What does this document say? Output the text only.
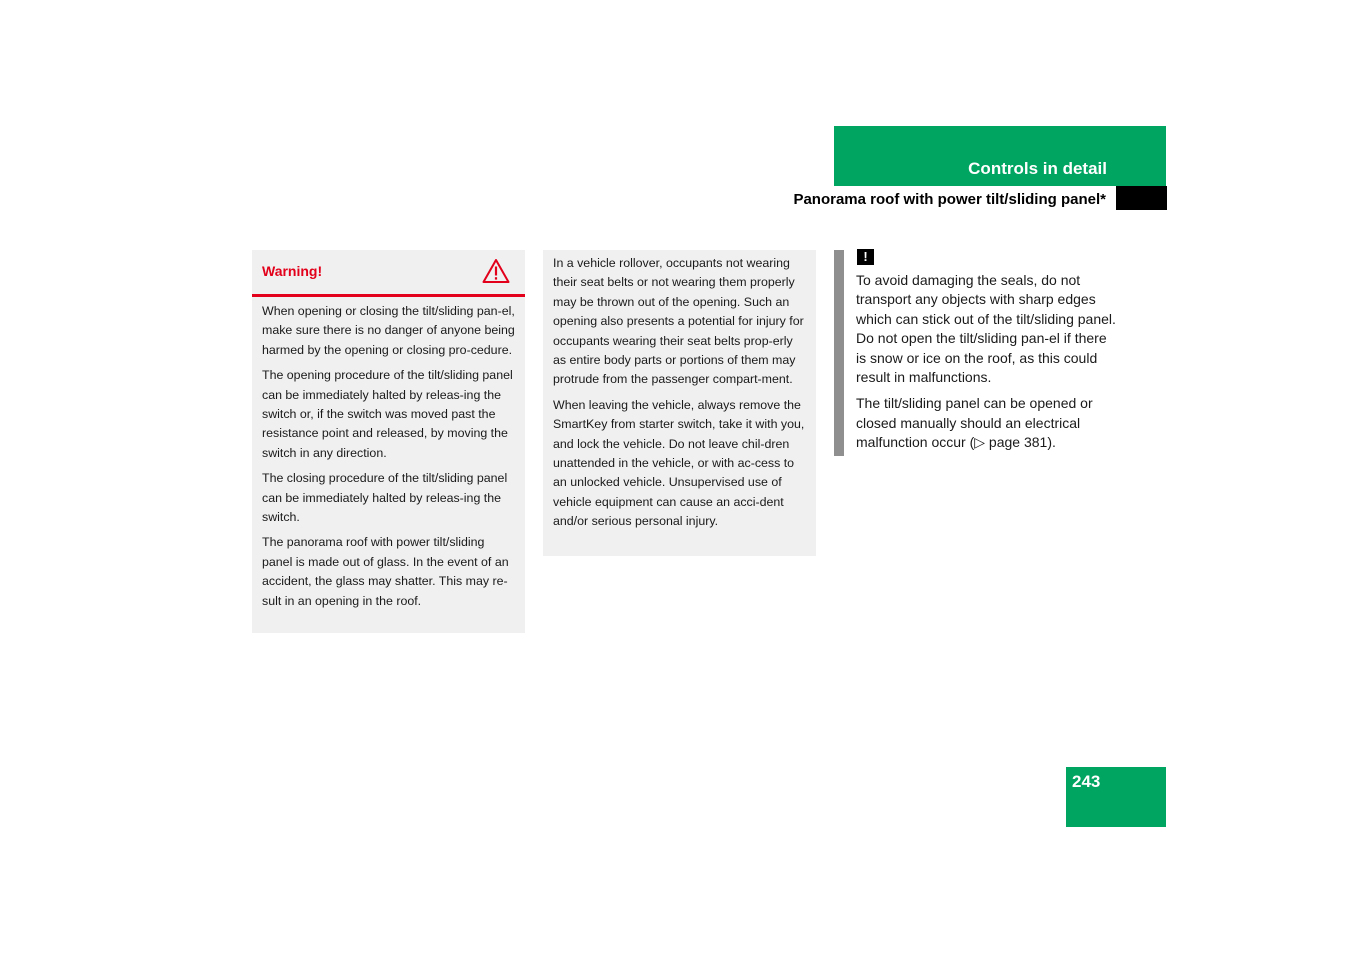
Controls in detail
Panorama roof with power tilt/sliding panel*
Warning!

When opening or closing the tilt/sliding pan-el, make sure there is no danger of anyone being harmed by the opening or closing pro-cedure.

The opening procedure of the tilt/sliding panel can be immediately halted by releas-ing the switch or, if the switch was moved past the resistance point and released, by moving the switch in any direction.

The closing procedure of the tilt/sliding panel can be immediately halted by releas-ing the switch.

The panorama roof with power tilt/sliding panel is made out of glass. In the event of an accident, the glass may shatter. This may re-sult in an opening in the roof.

In a vehicle rollover, occupants not wearing their seat belts or not wearing them properly may be thrown out of the opening. Such an opening also presents a potential for injury for occupants wearing their seat belts prop-erly as entire body parts or portions of them may protrude from the passenger compart-ment.

When leaving the vehicle, always remove the SmartKey from starter switch, take it with you, and lock the vehicle. Do not leave chil-dren unattended in the vehicle, or with ac-cess to an unlocked vehicle. Unsupervised use of vehicle equipment can cause an acci-dent and/or serious personal injury.

!

To avoid damaging the seals, do not transport any objects with sharp edges which can stick out of the tilt/sliding panel. Do not open the tilt/sliding pan-el if there is snow or ice on the roof, as this could result in malfunctions.

The tilt/sliding panel can be opened or closed manually should an electrical malfunction occur (▷ page 381).

243
